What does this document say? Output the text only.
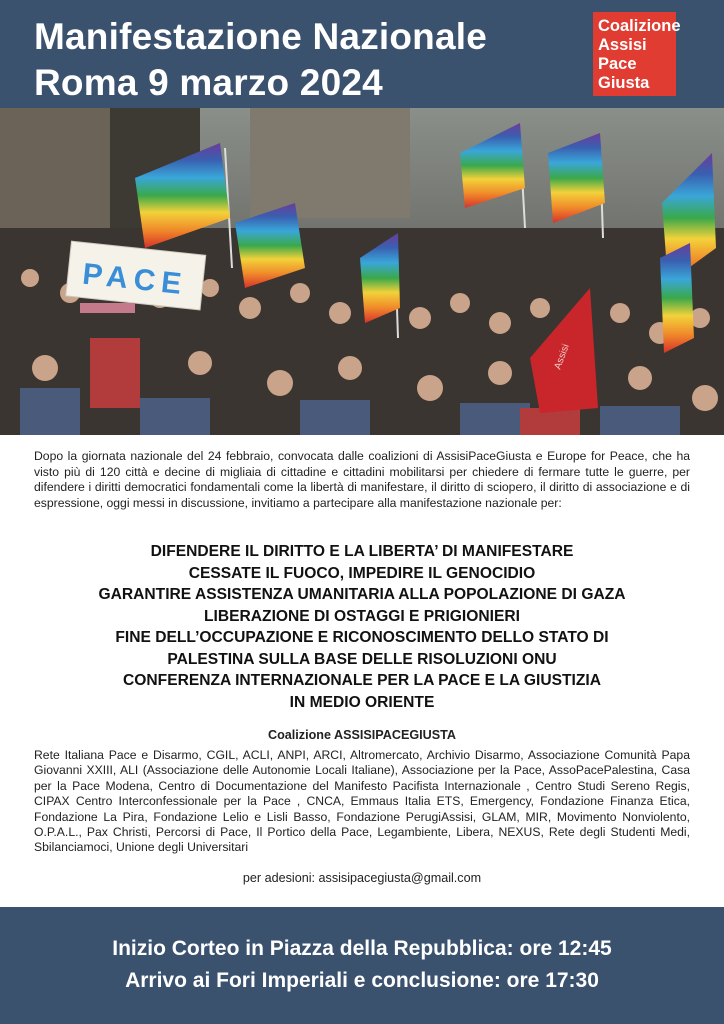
Manifestazione Nazionale
Roma 9 marzo 2024
Coalizione
Assisi
Pace
Giusta
Assisi
PACE
Dopo la giornata nazionale del 24 febbraio, convocata dalle coalizioni di AssisiPaceGiusta e Europe for Peace, che ha visto più di 120 città e decine di migliaia di cittadine e cittadini mobilitarsi per chiedere di fermare tutte le guerre, per difendere i diritti democratici fondamentali come la libertà di manifestare, il diritto di sciopero, il diritto di associazione e di espressione, oggi messi in discussione, invitiamo a partecipare alla manifestazione nazionale per:
DIFENDERE IL DIRITTO E LA LIBERTA’ DI MANIFESTARE
CESSATE IL FUOCO, IMPEDIRE IL GENOCIDIO
GARANTIRE ASSISTENZA UMANITARIA ALLA POPOLAZIONE DI GAZA
LIBERAZIONE DI OSTAGGI E PRIGIONIERI
FINE DELL’OCCUPAZIONE E RICONOSCIMENTO DELLO STATO DI
PALESTINA SULLA BASE DELLE RISOLUZIONI ONU
CONFERENZA INTERNAZIONALE PER LA PACE E LA GIUSTIZIA
IN MEDIO ORIENTE
Coalizione ASSISIPACEGIUSTA
Rete Italiana Pace e Disarmo, CGIL, ACLI, ANPI, ARCI, Altromercato, Archivio Disarmo, Associazione Comunità Papa Giovanni XXIII, ALI (Associazione delle Autonomie Locali Italiane), Associazione per la Pace, AssoPacePalestina, Casa per la Pace Modena, Centro di Documentazione del Manifesto Pacifista Internazionale , Centro Studi Sereno Regis, CIPAX Centro Interconfessionale per la Pace , CNCA, Emmaus Italia ETS, Emergency, Fondazione Finanza Etica, Fondazione La Pira, Fondazione Lelio e Lisli Basso, Fondazione PerugiAssisi, GLAM, MIR, Movimento Nonviolento, O.P.A.L., Pax Christi, Percorsi di Pace, Il Portico della Pace, Legambiente, Libera, NEXUS, Rete degli Studenti Medi, Sbilanciamoci, Unione degli Universitari
per adesioni: assisipacegiusta@gmail.com
Inizio Corteo in Piazza della Repubblica: ore 12:45
Arrivo ai Fori Imperiali e conclusione: ore 17:30
